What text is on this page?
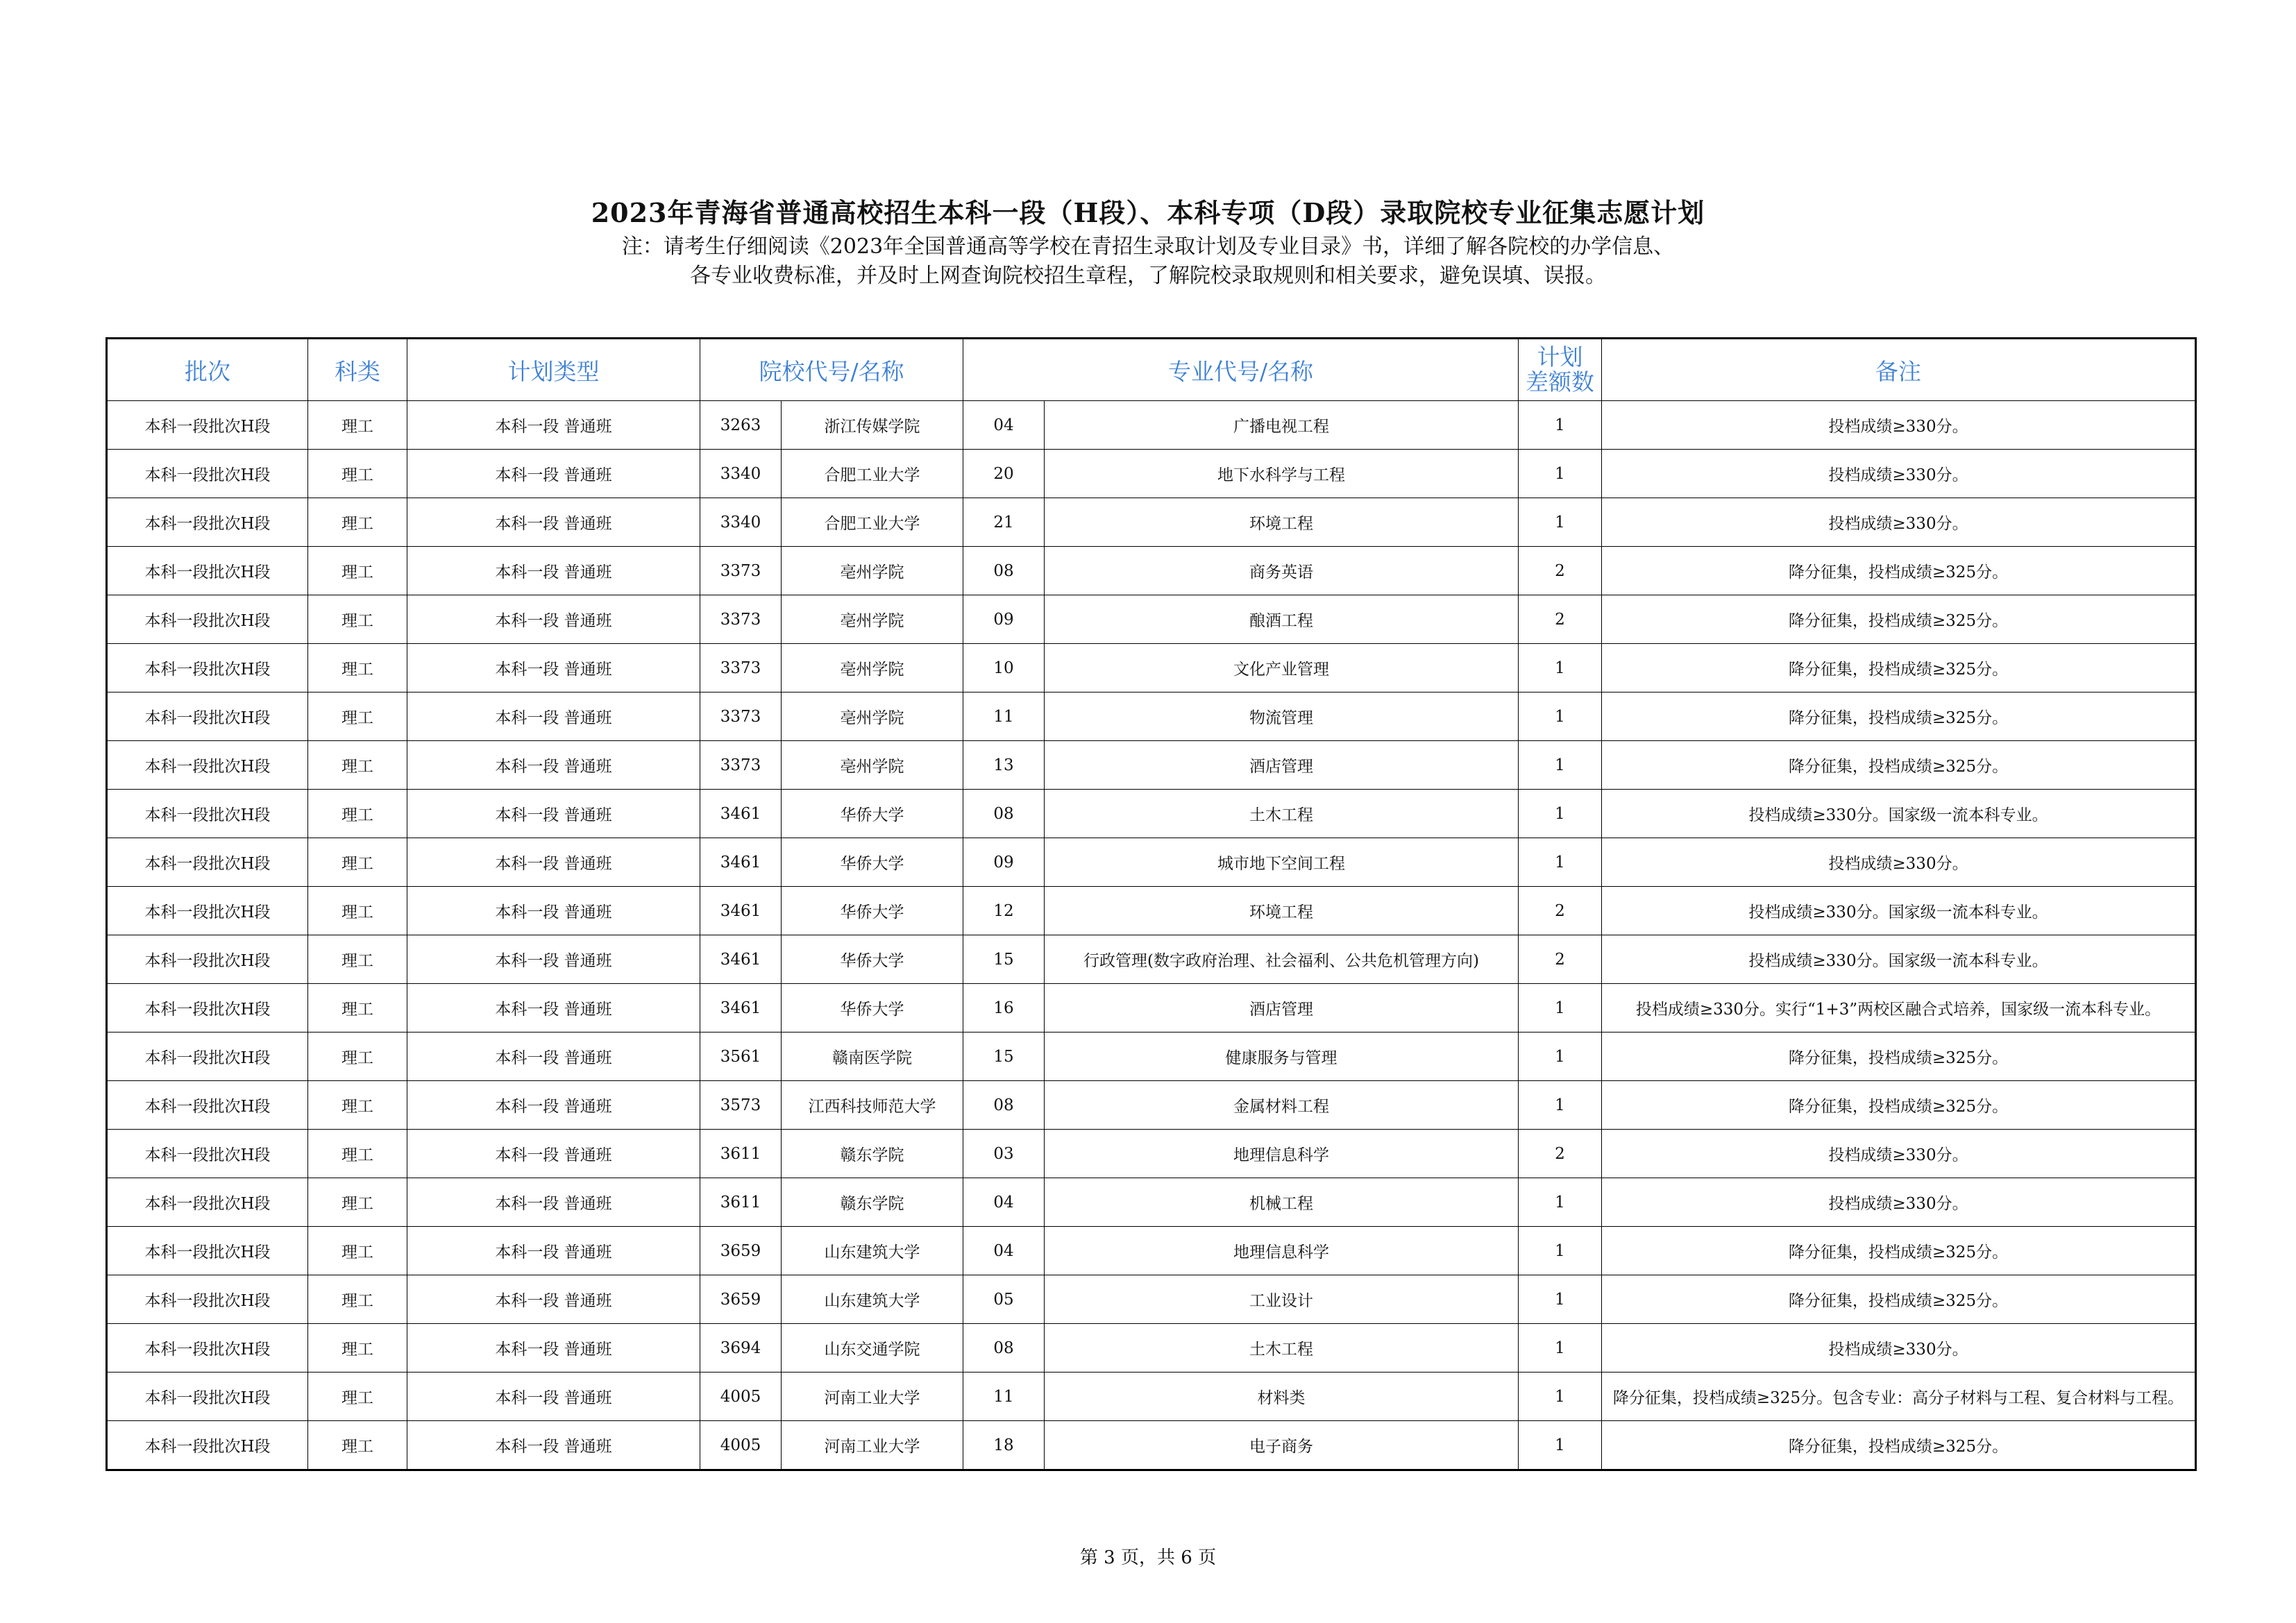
2023年青海省普通高校招生本科一段（H段）、本科专项（D段）录取院校专业征集志愿计划
注：请考生仔细阅读《2023年全国普通高等学校在青招生录取计划及专业目录》书，详细了解各院校的办学信息、
各专业收费标准，并及时上网查询院校招生章程，了解院校录取规则和相关要求，避免误填、误报。
批次	科类	计划类型	院校代号/名称		专业代号/名称		计划
差额数	备注
本科一段批次H段	理工	本科一段 普通班	3263	浙江传媒学院	04	广播电视工程	1	投档成绩≥330分。
本科一段批次H段	理工	本科一段 普通班	3340	合肥工业大学	20	地下水科学与工程	1	投档成绩≥330分。
本科一段批次H段	理工	本科一段 普通班	3340	合肥工业大学	21	环境工程	1	投档成绩≥330分。
本科一段批次H段	理工	本科一段 普通班	3373	亳州学院	08	商务英语	2	降分征集，投档成绩≥325分。
本科一段批次H段	理工	本科一段 普通班	3373	亳州学院	09	酿酒工程	2	降分征集，投档成绩≥325分。
本科一段批次H段	理工	本科一段 普通班	3373	亳州学院	10	文化产业管理	1	降分征集，投档成绩≥325分。
本科一段批次H段	理工	本科一段 普通班	3373	亳州学院	11	物流管理	1	降分征集，投档成绩≥325分。
本科一段批次H段	理工	本科一段 普通班	3373	亳州学院	13	酒店管理	1	降分征集，投档成绩≥325分。
本科一段批次H段	理工	本科一段 普通班	3461	华侨大学	08	土木工程	1	投档成绩≥330分。国家级一流本科专业。
本科一段批次H段	理工	本科一段 普通班	3461	华侨大学	09	城市地下空间工程	1	投档成绩≥330分。
本科一段批次H段	理工	本科一段 普通班	3461	华侨大学	12	环境工程	2	投档成绩≥330分。国家级一流本科专业。
本科一段批次H段	理工	本科一段 普通班	3461	华侨大学	15	行政管理(数字政府治理、社会福利、公共危机管理方向)	2	投档成绩≥330分。国家级一流本科专业。
本科一段批次H段	理工	本科一段 普通班	3461	华侨大学	16	酒店管理	1	投档成绩≥330分。实行“1+3”两校区融合式培养，国家级一流本科专业。
本科一段批次H段	理工	本科一段 普通班	3561	赣南医学院	15	健康服务与管理	1	降分征集，投档成绩≥325分。
本科一段批次H段	理工	本科一段 普通班	3573	江西科技师范大学	08	金属材料工程	1	降分征集，投档成绩≥325分。
本科一段批次H段	理工	本科一段 普通班	3611	赣东学院	03	地理信息科学	2	投档成绩≥330分。
本科一段批次H段	理工	本科一段 普通班	3611	赣东学院	04	机械工程	1	投档成绩≥330分。
本科一段批次H段	理工	本科一段 普通班	3659	山东建筑大学	04	地理信息科学	1	降分征集，投档成绩≥325分。
本科一段批次H段	理工	本科一段 普通班	3659	山东建筑大学	05	工业设计	1	降分征集，投档成绩≥325分。
本科一段批次H段	理工	本科一段 普通班	3694	山东交通学院	08	土木工程	1	投档成绩≥330分。
本科一段批次H段	理工	本科一段 普通班	4005	河南工业大学	11	材料类	1	降分征集，投档成绩≥325分。包含专业：高分子材料与工程、复合材料与工程。
本科一段批次H段	理工	本科一段 普通班	4005	河南工业大学	18	电子商务	1	降分征集，投档成绩≥325分。
第 3 页，共 6 页
